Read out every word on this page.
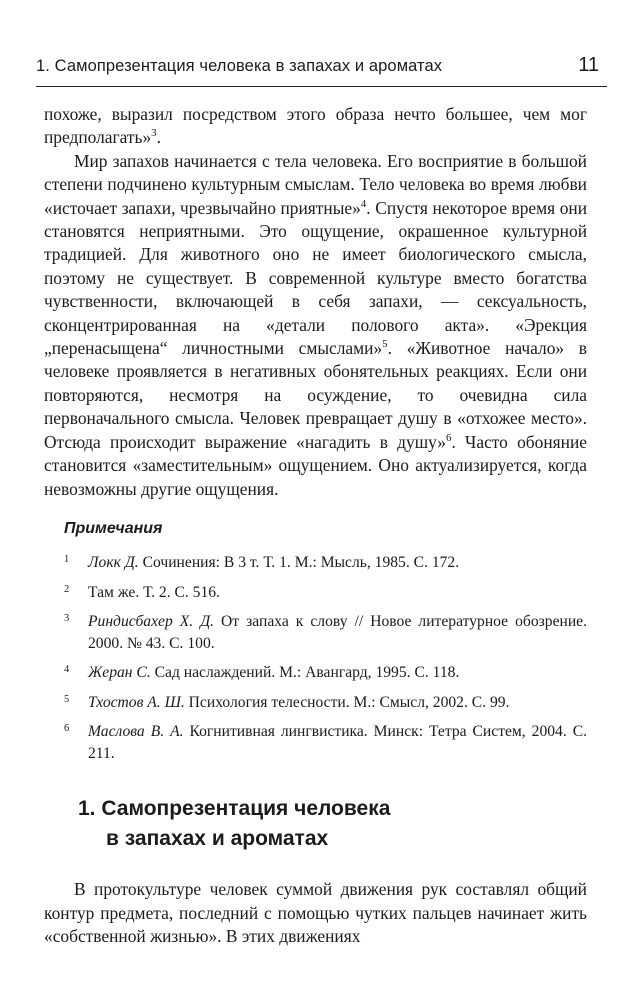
1. Самопрезентация человека в запахах и ароматах	11

похоже, выразил посредством этого образа нечто большее, чем мог предполагать»$^3$.

Мир запахов начинается с тела человека. Его восприятие в большой степени подчинено культурным смыслам. Тело человека во время любви «источает запахи, чрезвычайно приятные»$^4$. Спустя некоторое время они становятся неприятными. Это ощущение, окрашенное культурной традицией. Для животного оно не имеет биологического смысла, поэтому не существует. В современной культуре вместо богатства чувственности, включающей в себя запахи, — сексуальность, сконцентрированная на «детали полового акта». «Эрекция „перенасыщена“ личностными смыслами»$^5$. «Животное начало» в человеке проявляется в негативных обонятельных реакциях. Если они повторяются, несмотря на осуждение, то очевидна сила первоначального смысла. Человек превращает душу в «отхожее место». Отсюда происходит выражение «нагадить в душу»$^6$. Часто обоняние становится «заместительным» ощущением. Оно актуализируется, когда невозможны другие ощущения.

Примечания
1 Локк Д. Сочинения: В 3 т. Т. 1. М.: Мысль, 1985. С. 172.
2 Там же. Т. 2. С. 516.
3 Риндисбахер Х. Д. От запаха к слову // Новое литературное обозрение. 2000. № 43. С. 100.
4 Жеран С. Сад наслаждений. М.: Авангард, 1995. С. 118.
5 Тхостов А. Ш. Психология телесности. М.: Смысл, 2002. С. 99.
6 Маслова В. А. Когнитивная лингвистика. Минск: Тетра Систем, 2004. С. 211.
1. Самопрезентация человека
в запахах и ароматах

В протокультуре человек суммой движения рук составлял общий контур предмета, последний с помощью чутких пальцев начинает жить «собственной жизнью». В этих движениях
